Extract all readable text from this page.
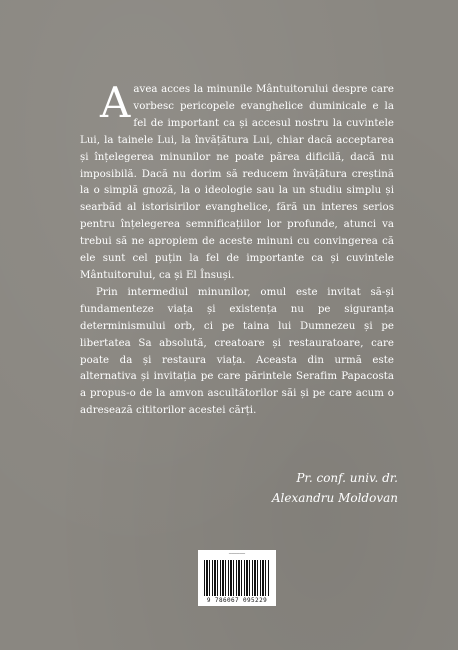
Aavea acces la minunile Mântuitorului despre care vorbesc pericopele evanghelice duminicale e la fel de important ca și accesul nostru la cuvintele Lui, la tainele Lui, la învățătura Lui, chiar dacă acceptarea și înțelegerea minunilor ne poate părea dificilă, dacă nu imposibilă. Dacă nu dorim să reducem învățătura creștină la o simplă gnoză, la o ideologie sau la un studiu simplu și searbăd al istorisirilor evanghelice, fără un interes serios pentru înțelegerea semnificațiilor lor profunde, atunci va trebui să ne apropiem de aceste minuni cu convingerea că ele sunt cel puțin la fel de importante ca și cuvintele Mântuitorului, ca și El Însuși.

Prin intermediul minunilor, omul este invitat să-și fundamenteze viața și existența nu pe siguranța determinismului orb, ci pe taina lui Dumnezeu și pe libertatea Sa absolută, creatoare și restauratoare, care poate da și restaura viața. Aceasta din urmă este alternativa și invitația pe care părintele Serafim Papacosta a propus-o de la amvon ascultătorilor săi și pe care acum o adresează cititorilor acestei cărți.

Pr. conf. univ. dr.
Alexandru Moldovan
——————
9 786067 095229
